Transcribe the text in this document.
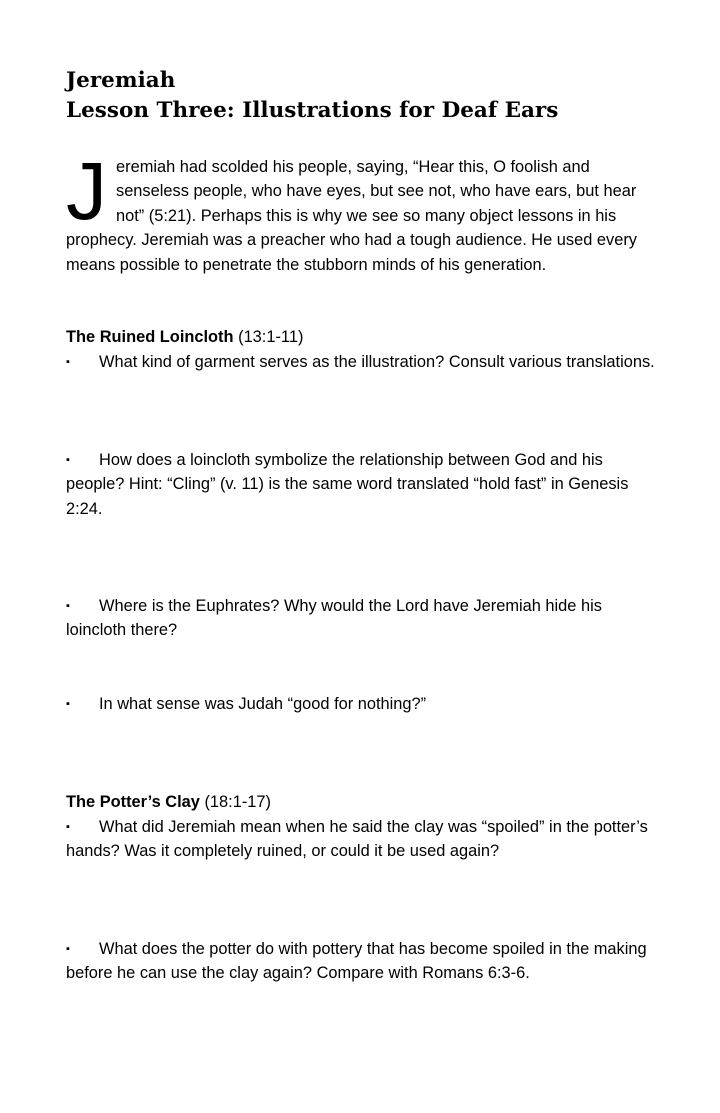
Jeremiah
Lesson Three: Illustrations for Deaf Ears
J eremiah had scolded his people, saying, “Hear this, O foolish and senseless people, who have eyes, but see not, who have ears, but hear not” (5:21). Perhaps this is why we see so many object lessons in his prophecy. Jeremiah was a preacher who had a tough audience. He used every means possible to penetrate the stubborn minds of his generation.
The Ruined Loincloth (13:1-11)
▪ What kind of garment serves as the illustration? Consult various translations.
▪ How does a loincloth symbolize the relationship between God and his people? Hint: “Cling” (v. 11) is the same word translated “hold fast” in Genesis 2:24.
▪ Where is the Euphrates? Why would the Lord have Jeremiah hide his loincloth there?
▪ In what sense was Judah “good for nothing?”
The Potter’s Clay (18:1-17)
▪ What did Jeremiah mean when he said the clay was “spoiled” in the potter’s hands? Was it completely ruined, or could it be used again?
▪ What does the potter do with pottery that has become spoiled in the making before he can use the clay again? Compare with Romans 6:3-6.
